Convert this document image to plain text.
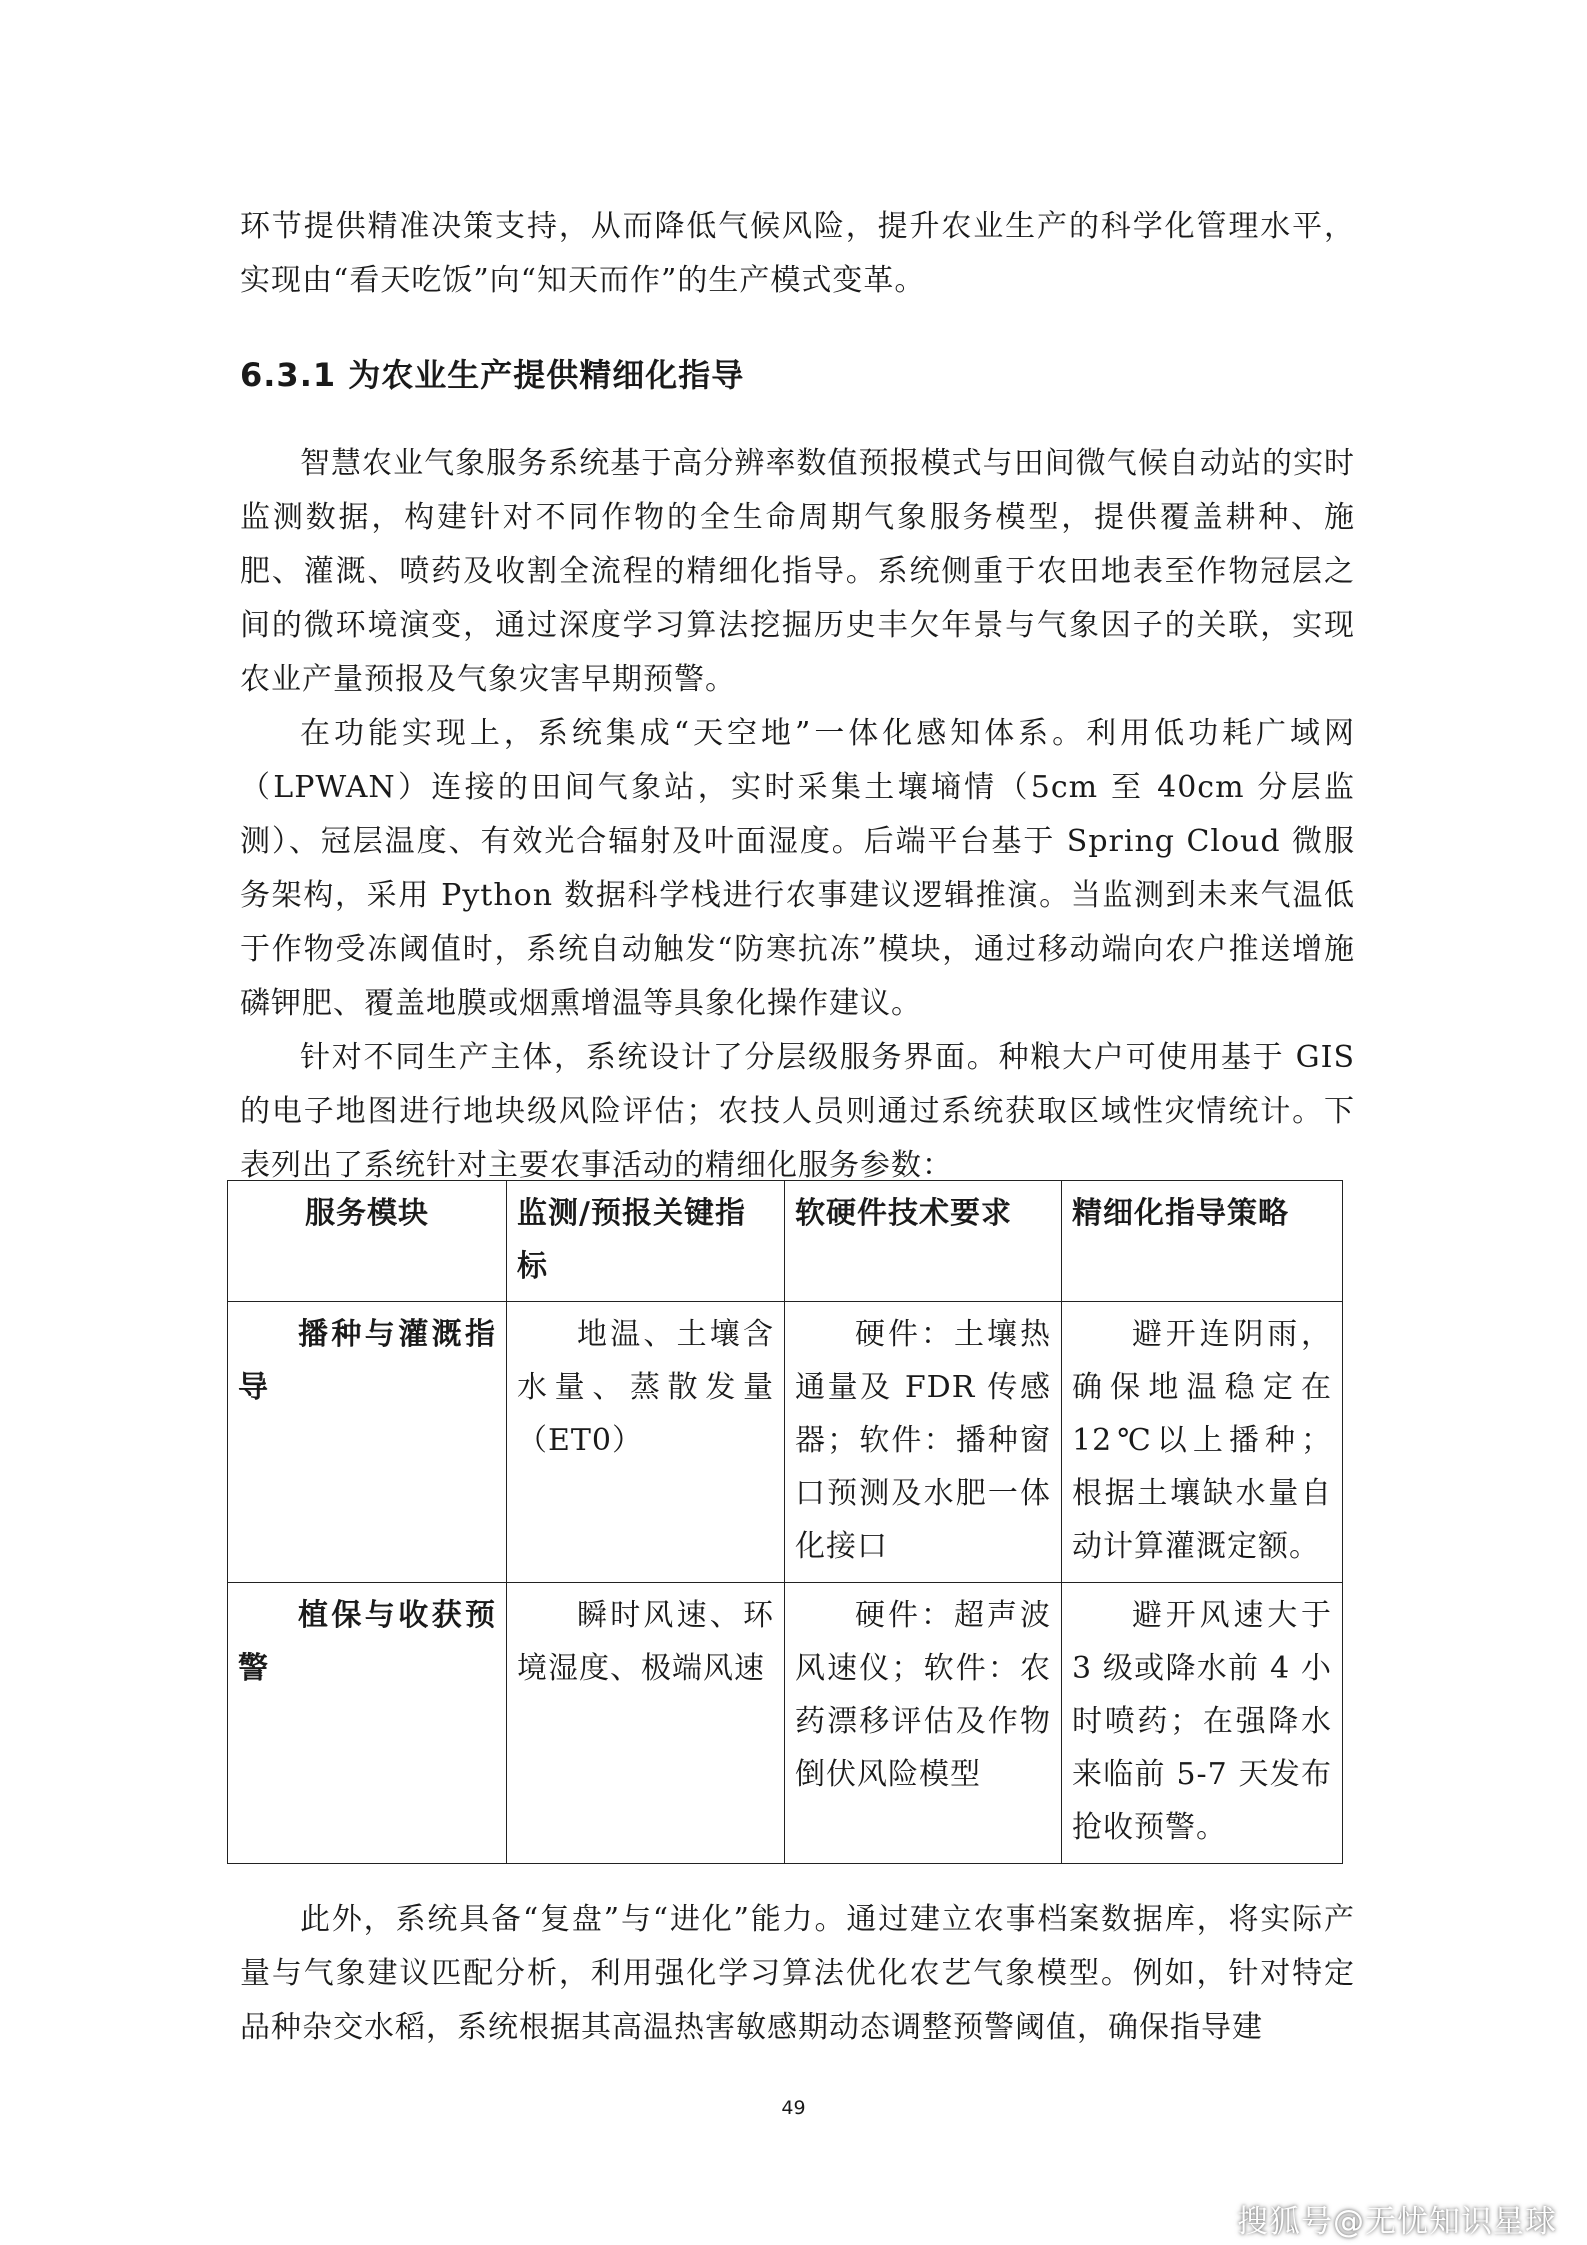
环节提供精准决策支持，从而降低气候风险，提升农业生产的科学化管理水平，实现由“看天吃饭”向“知天而作”的生产模式变革。

6.3.1 为农业生产提供精细化指导

智慧农业气象服务系统基于高分辨率数值预报模式与田间微气候自动站的实时监测数据，构建针对不同作物的全生命周期气象服务模型，提供覆盖耕种、施肥、灌溉、喷药及收割全流程的精细化指导。系统侧重于农田地表至作物冠层之间的微环境演变，通过深度学习算法挖掘历史丰欠年景与气象因子的关联，实现农业产量预报及气象灾害早期预警。

在功能实现上，系统集成“天空地”一体化感知体系。利用低功耗广域网（LPWAN）连接的田间气象站，实时采集土壤墒情（5cm 至 40cm 分层监测）、冠层温度、有效光合辐射及叶面湿度。后端平台基于 Spring Cloud 微服务架构，采用 Python 数据科学栈进行农事建议逻辑推演。当监测到未来气温低于作物受冻阈值时，系统自动触发“防寒抗冻”模块，通过移动端向农户推送增施磷钾肥、覆盖地膜或烟熏增温等具象化操作建议。

针对不同生产主体，系统设计了分层级服务界面。种粮大户可使用基于 GIS 的电子地图进行地块级风险评估；农技人员则通过系统获取区域性灾情统计。下表列出了系统针对主要农事活动的精细化服务参数：

服务模块	监测/预报关键指标	软硬件技术要求	精细化指导策略
播种与灌溉指导	地温、土壤含水量、蒸散发量（ET0）	硬件：土壤热通量及 FDR 传感器；软件：播种窗口预测及水肥一体化接口	避开连阴雨，确保地温稳定在 12℃以上播种；根据土壤缺水量自动计算灌溉定额。
植保与收获预警	瞬时风速、环境湿度、极端风速	硬件：超声波风速仪；软件：农药漂移评估及作物倒伏风险模型	避开风速大于 3 级或降水前 4 小时喷药；在强降水来临前 5-7 天发布抢收预警。

此外，系统具备“复盘”与“进化”能力。通过建立农事档案数据库，将实际产量与气象建议匹配分析，利用强化学习算法优化农艺气象模型。例如，针对特定品种杂交水稻，系统根据其高温热害敏感期动态调整预警阈值，确保指导建

49
搜狐号@无忧知识星球
